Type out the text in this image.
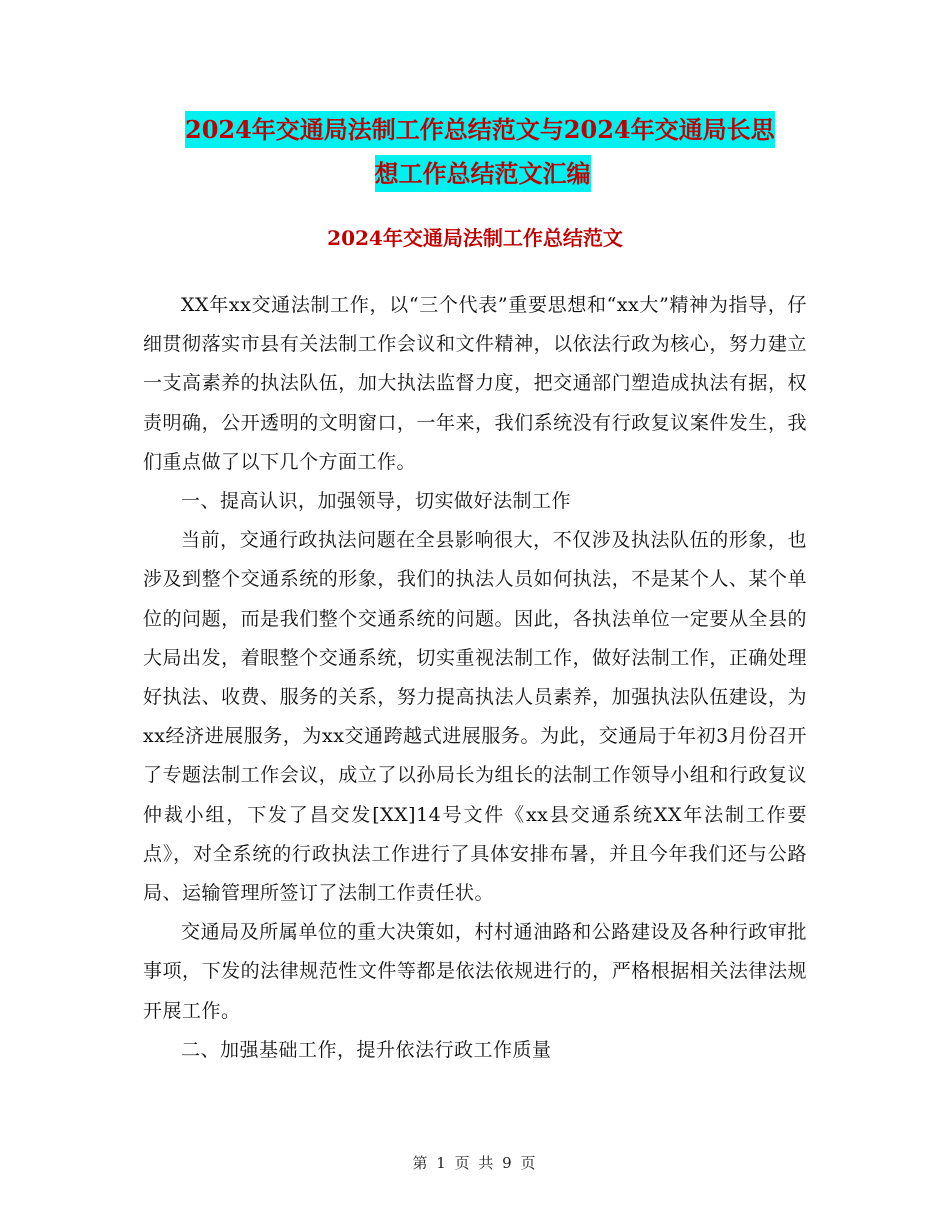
2024年交通局法制工作总结范文与2024年交通局长思
想工作总结范文汇编
2024年交通局法制工作总结范文

XX年xx交通法制工作，以“三个代表”重要思想和“xx大”精神为指导，仔细贯彻落实市县有关法制工作会议和文件精神，以依法行政为核心，努力建立一支高素养的执法队伍，加大执法监督力度，把交通部门塑造成执法有据，权责明确，公开透明的文明窗口，一年来，我们系统没有行政复议案件发生，我们重点做了以下几个方面工作。

一、提高认识，加强领导，切实做好法制工作

当前，交通行政执法问题在全县影响很大，不仅涉及执法队伍的形象，也涉及到整个交通系统的形象，我们的执法人员如何执法，不是某个人、某个单位的问题，而是我们整个交通系统的问题。因此，各执法单位一定要从全县的大局出发，着眼整个交通系统，切实重视法制工作，做好法制工作，正确处理好执法、收费、服务的关系，努力提高执法人员素养，加强执法队伍建设，为xx经济进展服务，为xx交通跨越式进展服务。为此，交通局于年初3月份召开了专题法制工作会议，成立了以孙局长为组长的法制工作领导小组和行政复议仲裁小组，下发了昌交发[XX]14号文件《xx县交通系统XX年法制工作要点》，对全系统的行政执法工作进行了具体安排布暑，并且今年我们还与公路局、运输管理所签订了法制工作责任状。

交通局及所属单位的重大决策如，村村通油路和公路建设及各种行政审批事项，下发的法律规范性文件等都是依法依规进行的，严格根据相关法律法规开展工作。

二、加强基础工作，提升依法行政工作质量

第 1 页 共 9 页
